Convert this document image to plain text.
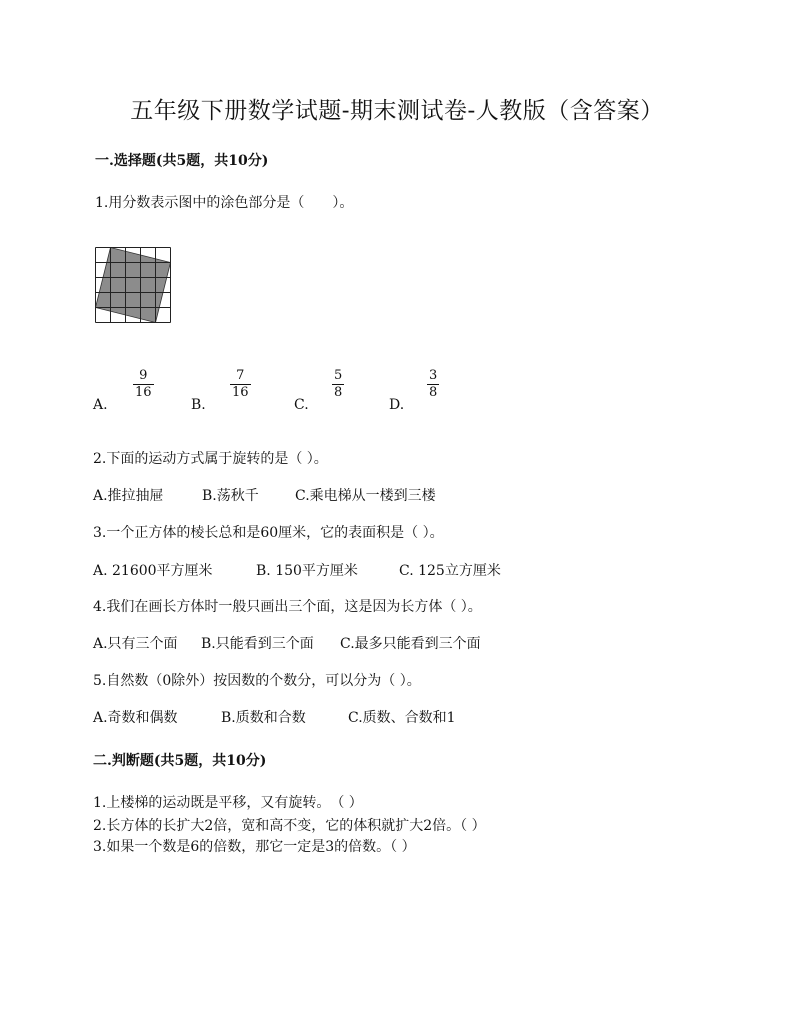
五年级下册数学试题-期末测试卷-人教版（含答案）
一.选择题(共5题，共10分)
1.用分数表示图中的涂色部分是（　　）。
A.
9
16
B.
7
16
C.
5
8
D.
3
8
2.下面的运动方式属于旋转的是（ ）。
A.推拉抽屉	B.荡秋千	C.乘电梯从一楼到三楼
3.一个正方体的棱长总和是60厘米，它的表面积是（ ）。
A. 21600平方厘米	B. 150平方厘米	C. 125立方厘米
4.我们在画长方体时一般只画出三个面，这是因为长方体（ ）。
A.只有三个面 B.只能看到三个面 C.最多只能看到三个面
5.自然数（0除外）按因数的个数分，可以分为（ ）。
A.奇数和偶数	B.质数和合数	C.质数、合数和1
二.判断题(共5题，共10分)
1.上楼梯的运动既是平移，又有旋转。　（ ）
2.长方体的长扩大2倍，宽和高不变，它的体积就扩大2倍。（ ）
3.如果一个数是6的倍数，那它一定是3的倍数。（ ）
